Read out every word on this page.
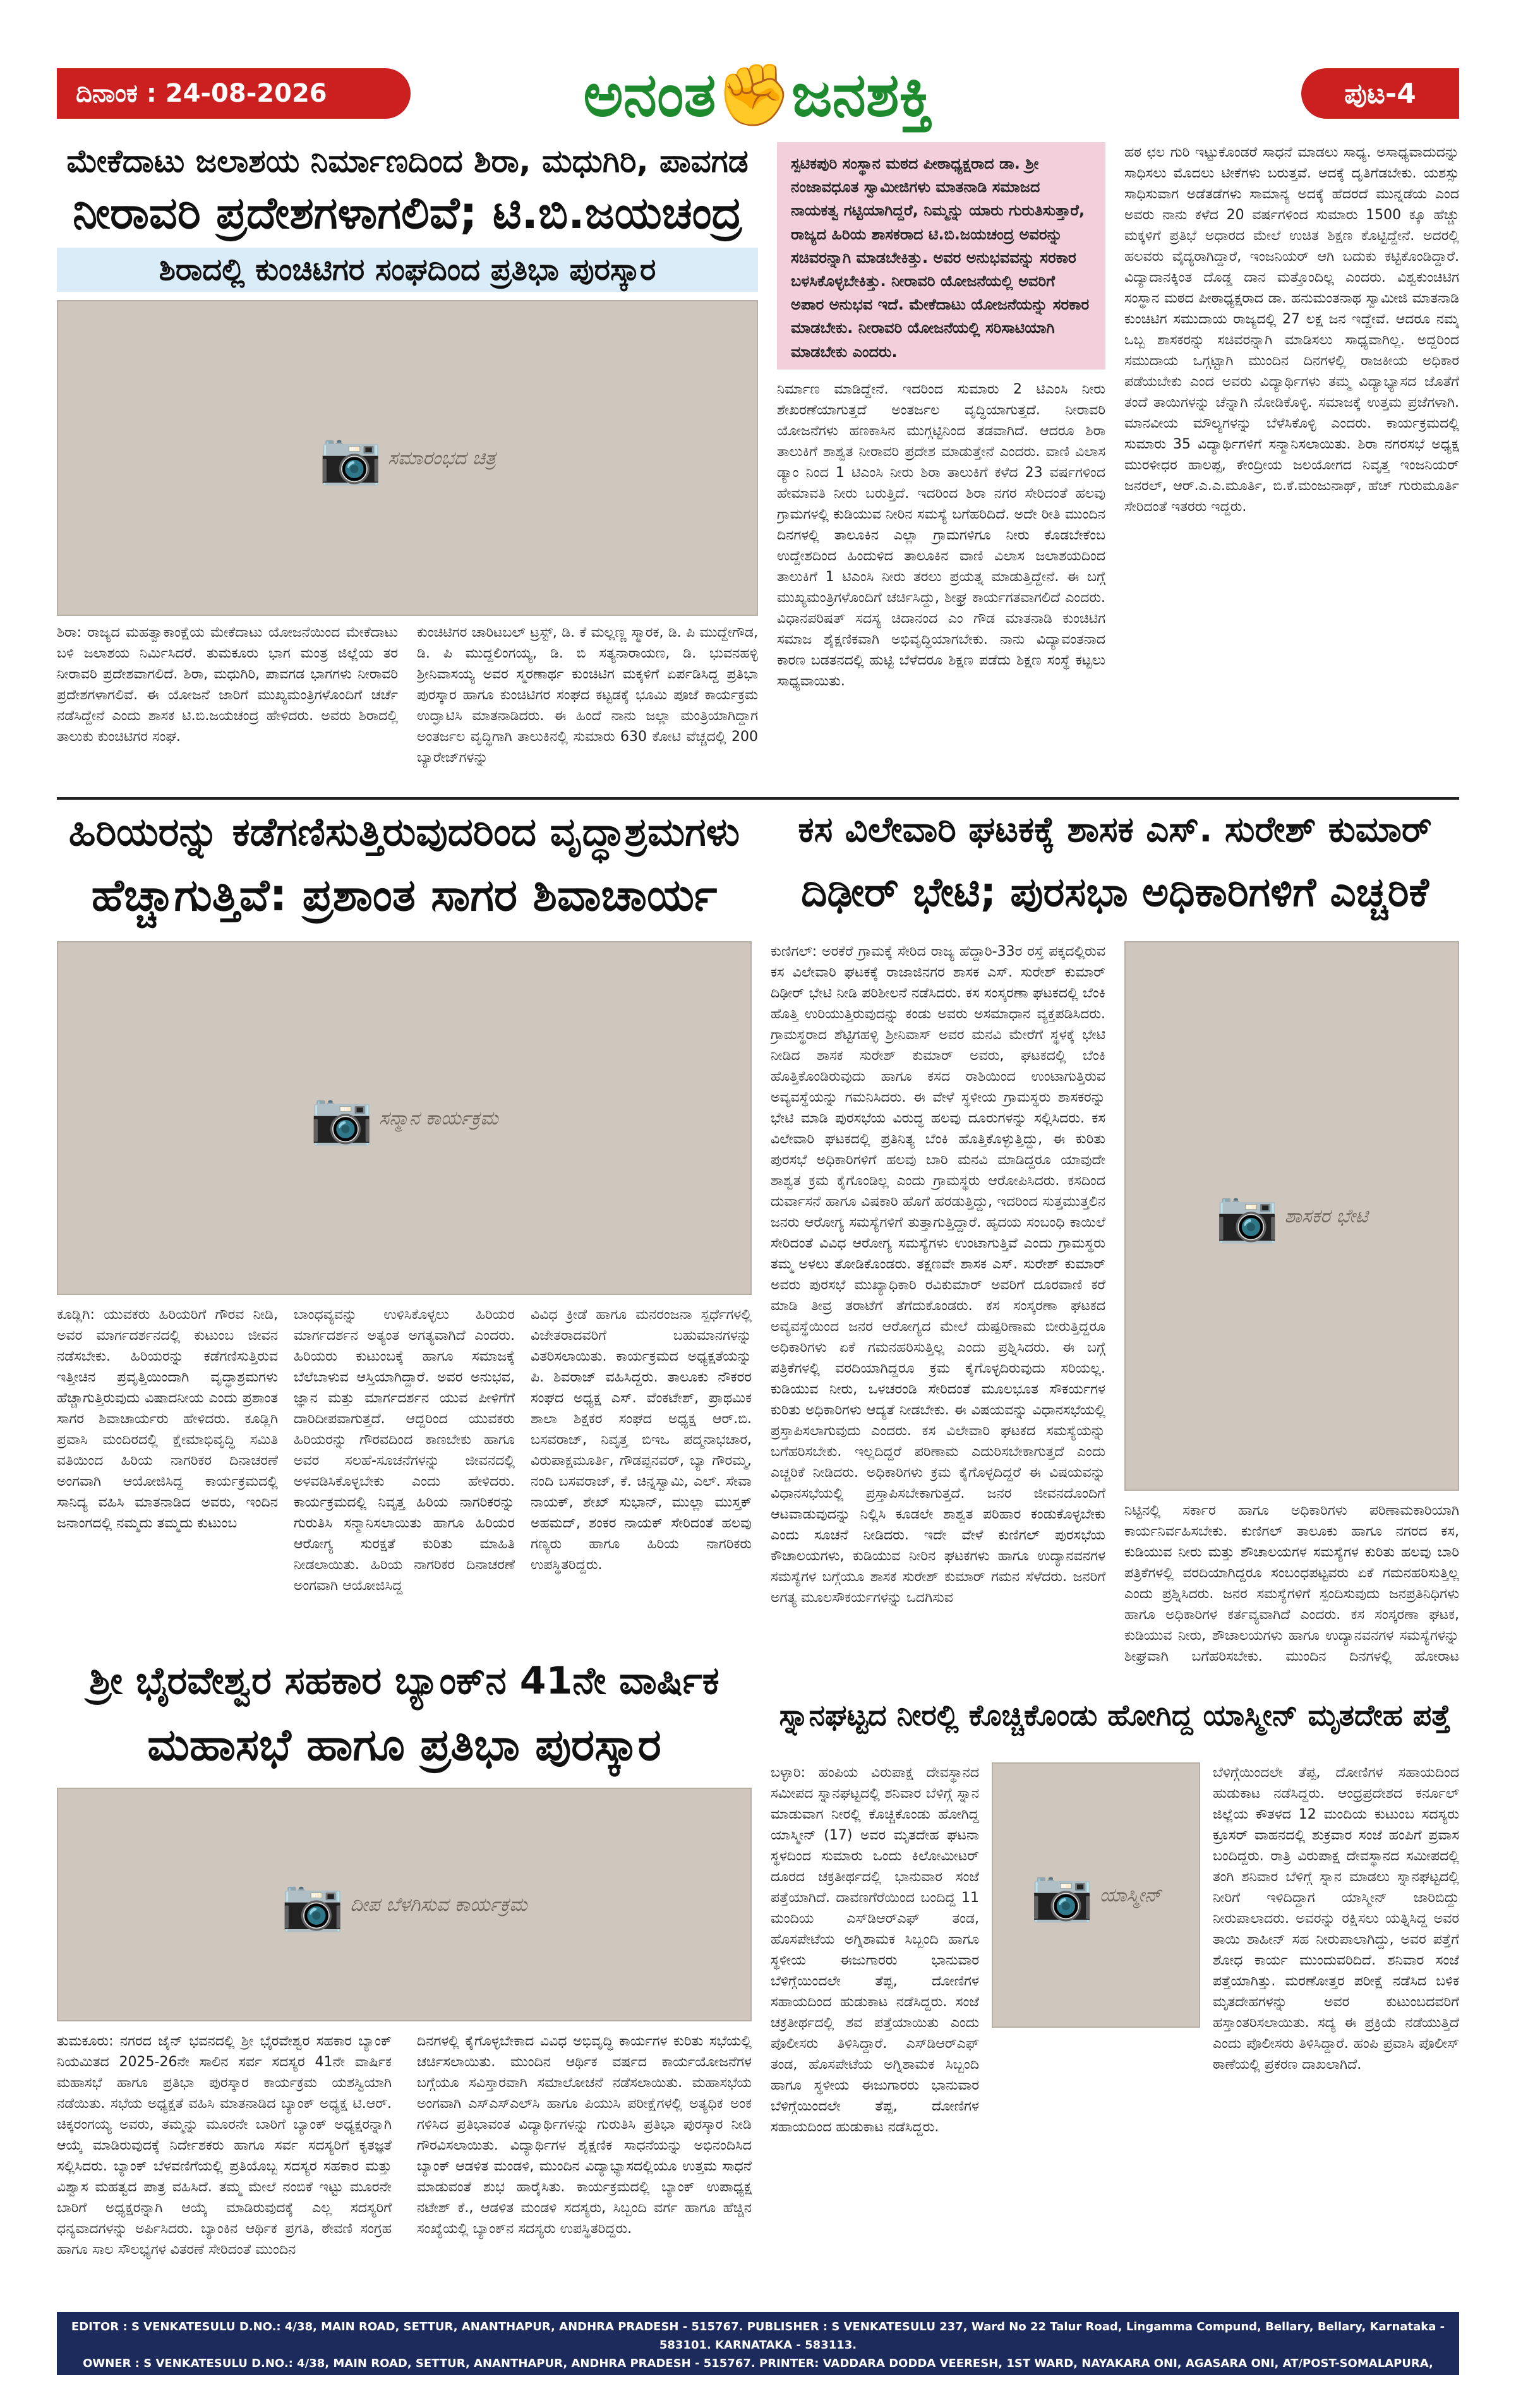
ದಿನಾಂಕ : 24-08-2026	ಅನಂತ✊ಜನಶಕ್ತಿ	ಪುಟ-4
ಮೇಕೆದಾಟು ಜಲಾಶಯ ನಿರ್ಮಾಣದಿಂದ ಶಿರಾ, ಮಧುಗಿರಿ, ಪಾವಗಡ
ನೀರಾವರಿ ಪ್ರದೇಶಗಳಾಗಲಿವೆ; ಟಿ.ಬಿ.ಜಯಚಂದ್ರ
ಶಿರಾದಲ್ಲಿ ಕುಂಚಿಟಿಗರ ಸಂಘದಿಂದ ಪ್ರತಿಭಾ ಪುರಸ್ಕಾರ
📷
ಸಮಾರಂಭದ ಚಿತ್ರ

ಶಿರಾ: ರಾಜ್ಯದ ಮಹತ್ವಾಕಾಂಕ್ಷೆಯ ಮೇಕೆದಾಟು ಯೋಜನೆಯಿಂದ ಮೇಕೆದಾಟು ಬಳಿ ಜಲಾಶಯ ನಿರ್ಮಿಸಿದರೆ. ತುಮಕೂರು ಭಾಗ ಮಂತ್ರ ಜಿಲ್ಲೆಯ ತರ ನೀರಾವರಿ ಪ್ರದೇಶವಾಗಲಿದೆ. ಶಿರಾ, ಮಧುಗಿರಿ, ಪಾವಗಡ ಭಾಗಗಳು ನೀರಾವರಿ ಪ್ರದೇಶಗಳಾಗಲಿವೆ. ಈ ಯೋಜನೆ ಜಾರಿಗೆ ಮುಖ್ಯಮಂತ್ರಿಗಳೊಂದಿಗೆ ಚರ್ಚೆ ನಡೆಸಿದ್ದೇನೆ ಎಂದು ಶಾಸಕ ಟಿ.ಬಿ.ಜಯಚಂದ್ರ ಹೇಳಿದರು. ಅವರು ಶಿರಾದಲ್ಲಿ ತಾಲುಕು ಕುಂಚಿಟಿಗರ ಸಂಘ.

ಕುಂಚಿಟಿಗರ ಚಾರಿಟಬಲ್ ಟ್ರಸ್ಟ್, ಡಿ. ಕೆ ಮಲ್ಲಣ್ಣ ಸ್ಮಾರಕ, ಡಿ. ಪಿ ಮುದ್ದೇಗೌಡ, ಡಿ. ಪಿ ಮುದ್ದಲಿಂಗಯ್ಯ, ಡಿ. ಬಿ ಸತ್ಯನಾರಾಯಣ, ಡಿ. ಭುವನಹಳ್ಳಿ ಶ್ರೀನಿವಾಸಯ್ಯ ಅವರ ಸ್ಮರಣಾರ್ಥ ಕುಂಚಿಟಿಗ ಮಕ್ಕಳಿಗೆ ಏರ್ಪಡಿಸಿದ್ದ ಪ್ರತಿಭಾ ಪುರಸ್ಕಾರ ಹಾಗೂ ಕುಂಚಿಟಿಗರ ಸಂಘದ ಕಟ್ಟಡಕ್ಕೆ ಭೂಮಿ ಪೂಜೆ ಕಾರ್ಯಕ್ರಮ ಉದ್ಘಾಟಿಸಿ ಮಾತನಾಡಿದರು. ಈ ಹಿಂದೆ ನಾನು ಜಲ್ಲಾ ಮಂತ್ರಿಯಾಗಿದ್ದಾಗ ಅಂತರ್ಜಲ ವೃದ್ಧಿಗಾಗಿ ತಾಲುಕಿನಲ್ಲಿ ಸುಮಾರು 630 ಕೋಟಿ ವೆಚ್ಚದಲ್ಲಿ 200 ಬ್ಯಾರೇಜ್‌ಗಳನ್ನು

ಸ್ಪಟಿಕಪುರಿ ಸಂಸ್ಥಾನ ಮಠದ ಪೀಠಾಧ್ಯಕ್ಷರಾದ ಡಾ. ಶ್ರೀ ನಂಜಾವಧೂತ ಸ್ವಾಮೀಜಿಗಳು ಮಾತನಾಡಿ ಸಮಾಜದ ನಾಯಕತ್ವ ಗಟ್ಟಿಯಾಗಿದ್ದರೆ, ನಿಮ್ಮನ್ನು ಯಾರು ಗುರುತಿಸುತ್ತಾರೆ, ರಾಜ್ಯದ ಹಿರಿಯ ಶಾಸಕರಾದ ಟಿ.ಬಿ.ಜಯಚಂದ್ರ ಅವರನ್ನು ಸಚಿವರನ್ನಾಗಿ ಮಾಡಬೇಕಿತ್ತು. ಅವರ ಅನುಭವವನ್ನು ಸರಕಾರ ಬಳಸಿಕೊಳ್ಳಬೇಕಿತ್ತು. ನೀರಾವರಿ ಯೋಜನೆಯಲ್ಲಿ ಅವರಿಗೆ ಅಪಾರ ಅನುಭವ ಇದೆ. ಮೇಕೆದಾಟು ಯೋಜನೆಯನ್ನು ಸರಕಾರ ಮಾಡಬೇಕು. ನೀರಾವರಿ ಯೋಜನೆಯಲ್ಲಿ ಸರಿಸಾಟಿಯಾಗಿ ಮಾಡಬೇಕು ಎಂದರು.

ನಿರ್ಮಾಣ ಮಾಡಿದ್ದೇನೆ. ಇದರಿಂದ ಸುಮಾರು 2 ಟಿಎಂಸಿ ನೀರು ಶೇಖರಣೆಯಾಗುತ್ತದೆ ಅಂತರ್ಜಲ ವೃದ್ಧಿಯಾಗುತ್ತದೆ. ನೀರಾವರಿ ಯೋಜನೆಗಳು ಹಣಕಾಸಿನ ಮುಗ್ಗಟ್ಟಿನಿಂದ ತಡವಾಗಿದೆ. ಆದರೂ ಶಿರಾ ತಾಲುಕಿಗೆ ಶಾಶ್ವತ ನೀರಾವರಿ ಪ್ರದೇಶ ಮಾಡುತ್ತೇನೆ ಎಂದರು. ವಾಣಿ ವಿಲಾಸ ಡ್ಯಾಂ ನಿಂದ 1 ಟಿಎಂಸಿ ನೀರು ಶಿರಾ ತಾಲುಕಿಗೆ ಕಳೆದ 23 ವರ್ಷಗಳಿಂದ ಹೇಮಾವತಿ ನೀರು ಬರುತ್ತಿದೆ. ಇದರಿಂದ ಶಿರಾ ನಗರ ಸೇರಿದಂತೆ ಹಲವು ಗ್ರಾಮಗಳಲ್ಲಿ ಕುಡಿಯುವ ನೀರಿನ ಸಮಸ್ಯೆ ಬಗೆಹರಿದಿದೆ. ಅದೇ ರೀತಿ ಮುಂದಿನ ದಿನಗಳಲ್ಲಿ ತಾಲೂಕಿನ ಎಲ್ಲಾ ಗ್ರಾಮಗಳಿಗೂ ನೀರು ಕೊಡಬೇಕೆಂಬ ಉದ್ದೇಶದಿಂದ ಹಿಂದುಳಿದ ತಾಲೂಕಿನ ವಾಣಿ ವಿಲಾಸ ಜಲಾಶಯದಿಂದ ತಾಲುಕಿಗೆ 1 ಟಿಎಂಸಿ ನೀರು ತರಲು ಪ್ರಯತ್ನ ಮಾಡುತ್ತಿದ್ದೇನೆ. ಈ ಬಗ್ಗೆ ಮುಖ್ಯಮಂತ್ರಿಗಳೊಂದಿಗೆ ಚರ್ಚಿಸಿದ್ದು, ಶೀಘ್ರ ಕಾರ್ಯಗತವಾಗಲಿದೆ ಎಂದರು. ವಿಧಾನಪರಿಷತ್ ಸದಸ್ಯ ಚಿದಾನಂದ ಎಂ ಗೌಡ ಮಾತನಾಡಿ ಕುಂಚಿಟಿಗ ಸಮಾಜ ಶೈಕ್ಷಣಿಕವಾಗಿ ಅಭಿವೃದ್ಧಿಯಾಗಬೇಕು. ನಾನು ವಿದ್ಯಾವಂತನಾದ ಕಾರಣ ಬಡತನದಲ್ಲಿ ಹುಟ್ಟಿ ಬೆಳೆದರೂ ಶಿಕ್ಷಣ ಪಡೆದು ಶಿಕ್ಷಣ ಸಂಸ್ಥೆ ಕಟ್ಟಲು ಸಾಧ್ಯವಾಯಿತು.

ಹಠ ಛಲ ಗುರಿ ಇಟ್ಟುಕೊಂಡರೆ ಸಾಧನೆ ಮಾಡಲು ಸಾಧ್ಯ. ಅಸಾಧ್ಯವಾದುದನ್ನು ಸಾಧಿಸಲು ಮೊದಲು ಟೀಕೆಗಳು ಬರುತ್ತವೆ. ಆದಕ್ಕೆ ದೃತಿಗೆಡಬೇಕು. ಯಶಸ್ಸು ಸಾಧಿಸುವಾಗ ಅಡೆತಡೆಗಳು ಸಾಮಾನ್ಯ ಅದಕ್ಕೆ ಹೆದರದೆ ಮುನ್ನಡೆಯ ಎಂದ ಅವರು ನಾನು ಕಳೆದ 20 ವರ್ಷಗಳಿಂದ ಸುಮಾರು 1500 ಕ್ಕೂ ಹೆಚ್ಚು ಮಕ್ಕಳಿಗೆ ಪ್ರತಿಭೆ ಅಧಾರದ ಮೇಲೆ ಉಚಿತ ಶಿಕ್ಷಣ ಕೊಟ್ಟಿದ್ದೇನೆ. ಅದರಲ್ಲಿ ಹಲವರು ವೈದ್ಯರಾಗಿದ್ದಾರೆ, ಇಂಜನಿಯರ್ ಆಗಿ ಬದುಕು ಕಟ್ಟಿಕೊಂಡಿದ್ದಾರೆ. ವಿದ್ಯಾದಾನಕ್ಕಿಂತ ದೊಡ್ಡ ದಾನ ಮತ್ತೊಂದಿಲ್ಲ ಎಂದರು. ವಿಶ್ವಕುಂಚಿಟಿಗ ಸಂಸ್ಥಾನ ಮಠದ ಪೀಠಾಧ್ಯಕ್ಷರಾದ ಡಾ. ಹನುಮಂತನಾಥ ಸ್ವಾಮೀಜಿ ಮಾತನಾಡಿ ಕುಂಚಿಟಿಗ ಸಮುದಾಯ ರಾಜ್ಯದಲ್ಲಿ 27 ಲಕ್ಷ ಜನ ಇದ್ದೇವೆ. ಆದರೂ ನಮ್ಮ ಒಬ್ಬ ಶಾಸಕರನ್ನು ಸಚಿವರನ್ನಾಗಿ ಮಾಡಿಸಲು ಸಾಧ್ಯವಾಗಿಲ್ಲ. ಅದ್ದರಿಂದ ಸಮುದಾಯ ಒಗ್ಗಟ್ಟಾಗಿ ಮುಂದಿನ ದಿನಗಳಲ್ಲಿ ರಾಜಕೀಯ ಅಧಿಕಾರ ಪಡೆಯಬೇಕು ಎಂದ ಅವರು ವಿದ್ಯಾರ್ಥಿಗಳು ತಮ್ಮ ವಿದ್ಯಾಭ್ಯಾಸದ ಜೊತೆಗೆ ತಂದೆ ತಾಯಿಗಳನ್ನು ಚೆನ್ನಾಗಿ ನೋಡಿಕೊಳ್ಳಿ. ಸಮಾಜಕ್ಕೆ ಉತ್ತಮ ಪ್ರಜೆಗಳಾಗಿ. ಮಾನವೀಯ ಮೌಲ್ಯಗಳನ್ನು ಬೆಳೆಸಿಕೊಳ್ಳಿ ಎಂದರು. ಕಾರ್ಯಕ್ರಮದಲ್ಲಿ ಸುಮಾರು 35 ವಿದ್ಯಾರ್ಥಿಗಳಿಗೆ ಸನ್ಮಾನಿಸಲಾಯಿತು. ಶಿರಾ ನಗರಸಭೆ ಅಧ್ಯಕ್ಷ ಮುರಳೀಧರ ಹಾಲಪ್ಪ, ಕೇಂದ್ರೀಯ ಜಲಯೋಗದ ನಿವೃತ್ತ ಇಂಜನಿಯರ್ ಜನರಲ್, ಆರ್.ಎ.ಎ.ಮೂರ್ತಿ, ಬಿ.ಕೆ.ಮಂಜುನಾಥ್, ಹೆಚ್ ಗುರುಮೂರ್ತಿ ಸೇರಿದಂತೆ ಇತರರು ಇದ್ದರು.

ಹಿರಿಯರನ್ನು ಕಡೆಗಣಿಸುತ್ತಿರುವುದರಿಂದ ವೃದ್ಧಾಶ್ರಮಗಳು
ಹೆಚ್ಚಾಗುತ್ತಿವೆ: ಪ್ರಶಾಂತ ಸಾಗರ ಶಿವಾಚಾರ್ಯ
📷
ಸನ್ಮಾನ ಕಾರ್ಯಕ್ರಮ

ಕೂಡ್ಲಿಗಿ: ಯುವಕರು ಹಿರಿಯರಿಗೆ ಗೌರವ ನೀಡಿ, ಅವರ ಮಾರ್ಗದರ್ಶನದಲ್ಲಿ ಕುಟುಂಬ ಜೀವನ ನಡೆಸಬೇಕು. ಹಿರಿಯರನ್ನು ಕಡೆಗಣಿಸುತ್ತಿರುವ ಇತ್ತೀಚಿನ ಪ್ರವೃತ್ತಿಯಿಂದಾಗಿ ವೃದ್ಧಾಶ್ರಮಗಳು ಹೆಚ್ಚಾಗುತ್ತಿರುವುದು ವಿಷಾದನೀಯ ಎಂದು ಪ್ರಶಾಂತ ಸಾಗರ ಶಿವಾಚಾರ್ಯರು ಹೇಳಿದರು. ಕೂಡ್ಲಿಗಿ ಪ್ರವಾಸಿ ಮಂದಿರದಲ್ಲಿ ಕ್ಷೇಮಾಭಿವೃದ್ಧಿ ಸಮಿತಿ ವತಿಯಿಂದ ಹಿರಿಯ ನಾಗರಿಕರ ದಿನಾಚರಣೆ ಅಂಗವಾಗಿ ಆಯೋಜಿಸಿದ್ದ ಕಾರ್ಯಕ್ರಮದಲ್ಲಿ ಸಾನಿದ್ಯ ವಹಿಸಿ ಮಾತನಾಡಿದ ಅವರು, ಇಂದಿನ ಜನಾಂಗದಲ್ಲಿ ನಮ್ಮದು ತಮ್ಮದು ಕುಟುಂಬ

ಬಾಂಧವ್ಯವನ್ನು ಉಳಿಸಿಕೊಳ್ಳಲು ಹಿರಿಯರ ಮಾರ್ಗದರ್ಶನ ಅತ್ಯಂತ ಅಗತ್ಯವಾಗಿದೆ ಎಂದರು. ಹಿರಿಯರು ಕುಟುಂಬಕ್ಕೆ ಹಾಗೂ ಸಮಾಜಕ್ಕೆ ಬೆಲೆಬಾಳುವ ಆಸ್ತಿಯಾಗಿದ್ದಾರೆ. ಅವರ ಅನುಭವ, ಜ್ಞಾನ ಮತ್ತು ಮಾರ್ಗದರ್ಶನ ಯುವ ಪೀಳಿಗೆಗೆ ದಾರಿದೀಪವಾಗುತ್ತದೆ. ಆದ್ದರಿಂದ ಯುವಕರು ಹಿರಿಯರನ್ನು ಗೌರವದಿಂದ ಕಾಣಬೇಕು ಹಾಗೂ ಅವರ ಸಲಹೆ-ಸೂಚನೆಗಳನ್ನು ಜೀವನದಲ್ಲಿ ಅಳವಡಿಸಿಕೊಳ್ಳಬೇಕು ಎಂದು ಹೇಳಿದರು. ಕಾರ್ಯಕ್ರಮದಲ್ಲಿ ನಿವೃತ್ತ ಹಿರಿಯ ನಾಗರಿಕರನ್ನು ಗುರುತಿಸಿ ಸನ್ಮಾನಿಸಲಾಯಿತು ಹಾಗೂ ಹಿರಿಯರ ಆರೋಗ್ಯ ಸುರಕ್ಷತೆ ಕುರಿತು ಮಾಹಿತಿ ನೀಡಲಾಯಿತು. ಹಿರಿಯ ನಾಗರಿಕರ ದಿನಾಚರಣೆ ಅಂಗವಾಗಿ ಆಯೋಜಿಸಿದ್ದ

ವಿವಿಧ ಕ್ರೀಡೆ ಹಾಗೂ ಮನರಂಜನಾ ಸ್ಪರ್ಧೆಗಳಲ್ಲಿ ವಿಜೇತರಾದವರಿಗೆ ಬಹುಮಾನಗಳನ್ನು ವಿತರಿಸಲಾಯಿತು. ಕಾರ್ಯಕ್ರಮದ ಅಧ್ಯಕ್ಷತೆಯನ್ನು ಪಿ. ಶಿವರಾಜ್ ವಹಿಸಿದ್ದರು. ತಾಲೂಕು ನೌಕರರ ಸಂಘದ ಅಧ್ಯಕ್ಷ ಎಸ್. ವೆಂಕಟೇಶ್, ಪ್ರಾಥಮಿಕ ಶಾಲಾ ಶಿಕ್ಷಕರ ಸಂಘದ ಅಧ್ಯಕ್ಷ ಆರ್.ಬಿ. ಬಸವರಾಜ್, ನಿವೃತ್ತ ಬಿಇಒ ಪದ್ಮನಾಭಚಾರ, ವಿರುಪಾಕ್ಷಮೂರ್ತಿ, ಗೌಡಪ್ಪನವರ್, ಬ್ಯಾ ಗೌರಮ್ಮ, ನಂದಿ ಬಸವರಾಜ್, ಕೆ. ಚಿನ್ನಸ್ವಾಮಿ, ಎಲ್. ಸೇವಾ ನಾಯಕ್, ಶೇಖ್ ಸುಭಾನ್, ಮುಲ್ಲಾ ಮುಸ್ತಕ್ ಅಹಮದ್, ಶಂಕರ ನಾಯಕ್ ಸೇರಿದಂತೆ ಹಲವು ಗಣ್ಯರು ಹಾಗೂ ಹಿರಿಯ ನಾಗರಿಕರು ಉಪಸ್ಥಿತರಿದ್ದರು.

ಕಸ ವಿಲೇವಾರಿ ಘಟಕಕ್ಕೆ ಶಾಸಕ ಎಸ್. ಸುರೇಶ್ ಕುಮಾರ್
ದಿಢೀರ್ ಭೇಟಿ; ಪುರಸಭಾ ಅಧಿಕಾರಿಗಳಿಗೆ ಎಚ್ಚರಿಕೆ

ಕುಣಿಗಲ್: ಅರಕೆರೆ ಗ್ರಾಮಕ್ಕೆ ಸೇರಿದ ರಾಜ್ಯ ಹೆದ್ದಾರಿ-33ರ ರಸ್ತೆ ಪಕ್ಕದಲ್ಲಿರುವ ಕಸ ವಿಲೇವಾರಿ ಘಟಕಕ್ಕೆ ರಾಜಾಜಿನಗರ ಶಾಸಕ ಎಸ್. ಸುರೇಶ್ ಕುಮಾರ್ ದಿಢೀರ್ ಭೇಟಿ ನೀಡಿ ಪರಿಶೀಲನೆ ನಡೆಸಿದರು. ಕಸ ಸಂಸ್ಕರಣಾ ಘಟಕದಲ್ಲಿ ಬೆಂಕಿ ಹೊತ್ತಿ ಉರಿಯುತ್ತಿರುವುದನ್ನು ಕಂಡು ಅವರು ಅಸಮಾಧಾನ ವ್ಯಕ್ತಪಡಿಸಿದರು. ಗ್ರಾಮಸ್ಥರಾದ ಶೆಟ್ಟಿಗಹಳ್ಳಿ ಶ್ರೀನಿವಾಸ್ ಅವರ ಮನವಿ ಮೇರೆಗೆ ಸ್ಥಳಕ್ಕೆ ಭೇಟಿ ನೀಡಿದ ಶಾಸಕ ಸುರೇಶ್ ಕುಮಾರ್ ಅವರು, ಘಟಕದಲ್ಲಿ ಬೆಂಕಿ ಹೊತ್ತಿಕೊಂಡಿರುವುದು ಹಾಗೂ ಕಸದ ರಾಶಿಯಿಂದ ಉಂಟಾಗುತ್ತಿರುವ ಅವ್ಯವಸ್ಥೆಯನ್ನು ಗಮನಿಸಿದರು. ಈ ವೇಳೆ ಸ್ಥಳೀಯ ಗ್ರಾಮಸ್ಥರು ಶಾಸಕರನ್ನು ಭೇಟಿ ಮಾಡಿ ಪುರಸಭೆಯ ವಿರುದ್ಧ ಹಲವು ದೂರುಗಳನ್ನು ಸಲ್ಲಿಸಿದರು. ಕಸ ವಿಲೇವಾರಿ ಘಟಕದಲ್ಲಿ ಪ್ರತಿನಿತ್ಯ ಬೆಂಕಿ ಹೊತ್ತಿಕೊಳ್ಳುತ್ತಿದ್ದು, ಈ ಕುರಿತು ಪುರಸಭೆ ಅಧಿಕಾರಿಗಳಿಗೆ ಹಲವು ಬಾರಿ ಮನವಿ ಮಾಡಿದ್ದರೂ ಯಾವುದೇ ಶಾಶ್ವತ ಕ್ರಮ ಕೈಗೊಂಡಿಲ್ಲ ಎಂದು ಗ್ರಾಮಸ್ಥರು ಆರೋಪಿಸಿದರು. ಕಸದಿಂದ ದುರ್ವಾಸನೆ ಹಾಗೂ ವಿಷಕಾರಿ ಹೊಗೆ ಹರಡುತ್ತಿದ್ದು, ಇದರಿಂದ ಸುತ್ತಮುತ್ತಲಿನ ಜನರು ಆರೋಗ್ಯ ಸಮಸ್ಯೆಗಳಿಗೆ ತುತ್ತಾಗುತ್ತಿದ್ದಾರೆ. ಹೃದಯ ಸಂಬಂಧಿ ಕಾಯಿಲೆ ಸೇರಿದಂತೆ ವಿವಿಧ ಆರೋಗ್ಯ ಸಮಸ್ಯೆಗಳು ಉಂಟಾಗುತ್ತಿವೆ ಎಂದು ಗ್ರಾಮಸ್ಥರು ತಮ್ಮ ಅಳಲು ತೋಡಿಕೊಂಡರು. ತಕ್ಷಣವೇ ಶಾಸಕ ಎಸ್. ಸುರೇಶ್ ಕುಮಾರ್ ಅವರು ಪುರಸಭೆ ಮುಖ್ಯಾಧಿಕಾರಿ ರವಿಕುಮಾರ್ ಅವರಿಗೆ ದೂರವಾಣಿ ಕರೆ ಮಾಡಿ ತೀವ್ರ ತರಾಟೆಗೆ ತೆಗೆದುಕೊಂಡರು. ಕಸ ಸಂಸ್ಕರಣಾ ಘಟಕದ ಅವ್ಯವಸ್ಥೆಯಿಂದ ಜನರ ಆರೋಗ್ಯದ ಮೇಲೆ ದುಷ್ಪರಿಣಾಮ ಬೀರುತ್ತಿದ್ದರೂ ಅಧಿಕಾರಿಗಳು ಏಕೆ ಗಮನಹರಿಸುತ್ತಿಲ್ಲ ಎಂದು ಪ್ರಶ್ನಿಸಿದರು. ಈ ಬಗ್ಗೆ ಪತ್ರಿಕೆಗಳಲ್ಲಿ ವರದಿಯಾಗಿದ್ದರೂ ಕ್ರಮ ಕೈಗೊಳ್ಳದಿರುವುದು ಸರಿಯಲ್ಲ. ಕುಡಿಯುವ ನೀರು, ಒಳಚರಂಡಿ ಸೇರಿದಂತೆ ಮೂಲಭೂತ ಸೌಕರ್ಯಗಳ ಕುರಿತು ಅಧಿಕಾರಿಗಳು ಆದ್ಯತೆ ನೀಡಬೇಕು. ಈ ವಿಷಯವನ್ನು ವಿಧಾನಸಭೆಯಲ್ಲಿ ಪ್ರಸ್ತಾಪಿಸಲಾಗುವುದು ಎಂದರು. ಕಸ ವಿಲೇವಾರಿ ಘಟಕದ ಸಮಸ್ಯೆಯನ್ನು ಬಗೆಹರಿಸಬೇಕು. ಇಲ್ಲದಿದ್ದರೆ ಪರಿಣಾಮ ಎದುರಿಸಬೇಕಾಗುತ್ತದೆ ಎಂದು ಎಚ್ಚರಿಕೆ ನೀಡಿದರು. ಅಧಿಕಾರಿಗಳು ಕ್ರಮ ಕೈಗೊಳ್ಳದಿದ್ದರೆ ಈ ವಿಷಯವನ್ನು ವಿಧಾನಸಭೆಯಲ್ಲಿ ಪ್ರಸ್ತಾಪಿಸಬೇಕಾಗುತ್ತದೆ. ಜನರ ಜೀವನದೊಂದಿಗೆ ಆಟವಾಡುವುದನ್ನು ನಿಲ್ಲಿಸಿ ಕೂಡಲೇ ಶಾಶ್ವತ ಪರಿಹಾರ ಕಂಡುಕೊಳ್ಳಬೇಕು ಎಂದು ಸೂಚನೆ ನೀಡಿದರು. ಇದೇ ವೇಳೆ ಕುಣಿಗಲ್ ಪುರಸಭೆಯ ಕೌಚಾಲಯಗಳು, ಕುಡಿಯುವ ನೀರಿನ ಘಟಕಗಳು ಹಾಗೂ ಉದ್ಯಾನವನಗಳ ಸಮಸ್ಯೆಗಳ ಬಗ್ಗೆಯೂ ಶಾಸಕ ಸುರೇಶ್ ಕುಮಾರ್ ಗಮನ ಸೆಳೆದರು. ಜನರಿಗೆ ಅಗತ್ಯ ಮೂಲಸೌಕರ್ಯಗಳನ್ನು ಒದಗಿಸುವ

📷
ಶಾಸಕರ ಭೇಟಿ

ನಿಟ್ಟಿನಲ್ಲಿ ಸರ್ಕಾರ ಹಾಗೂ ಅಧಿಕಾರಿಗಳು ಪರಿಣಾಮಕಾರಿಯಾಗಿ ಕಾರ್ಯನಿರ್ವಹಿಸಬೇಕು. ಕುಣಿಗಲ್ ತಾಲೂಕು ಹಾಗೂ ನಗರದ ಕಸ, ಕುಡಿಯುವ ನೀರು ಮತ್ತು ಶೌಚಾಲಯಗಳ ಸಮಸ್ಯೆಗಳ ಕುರಿತು ಹಲವು ಬಾರಿ ಪತ್ರಿಕೆಗಳಲ್ಲಿ ವರದಿಯಾಗಿದ್ದರೂ ಸಂಬಂಧಪಟ್ಟವರು ಏಕೆ ಗಮನಹರಿಸುತ್ತಿಲ್ಲ ಎಂದು ಪ್ರಶ್ನಿಸಿದರು. ಜನರ ಸಮಸ್ಯೆಗಳಿಗೆ ಸ್ಪಂದಿಸುವುದು ಜನಪ್ರತಿನಿಧಿಗಳು ಹಾಗೂ ಅಧಿಕಾರಿಗಳ ಕರ್ತವ್ಯವಾಗಿದೆ ಎಂದರು. ಕಸ ಸಂಸ್ಕರಣಾ ಘಟಕ, ಕುಡಿಯುವ ನೀರು, ಶೌಚಾಲಯಗಳು ಹಾಗೂ ಉದ್ಯಾನವನಗಳ ಸಮಸ್ಯೆಗಳನ್ನು ಶೀಘ್ರವಾಗಿ ಬಗೆಹರಿಸಬೇಕು. ಮುಂದಿನ ದಿನಗಳಲ್ಲಿ ಹೋರಾಟ

ಶ್ರೀ ಭೈರವೇಶ್ವರ ಸಹಕಾರ ಬ್ಯಾಂಕ್‌ನ 41ನೇ ವಾರ್ಷಿಕ
ಮಹಾಸಭೆ ಹಾಗೂ ಪ್ರತಿಭಾ ಪುರಸ್ಕಾರ
📷
ದೀಪ ಬೆಳಗಿಸುವ ಕಾರ್ಯಕ್ರಮ

ತುಮಕೂರು: ನಗರದ ಜೈನ್ ಭವನದಲ್ಲಿ ಶ್ರೀ ಭೈರವೇಶ್ವರ ಸಹಕಾರ ಬ್ಯಾಂಕ್ ನಿಯಮಿತದ 2025-26ನೇ ಸಾಲಿನ ಸರ್ವ ಸದಸ್ಯರ 41ನೇ ವಾರ್ಷಿಕ ಮಹಾಸಭೆ ಹಾಗೂ ಪ್ರತಿಭಾ ಪುರಸ್ಕಾರ ಕಾರ್ಯಕ್ರಮ ಯಶಸ್ವಿಯಾಗಿ ನಡೆಯಿತು. ಸಭೆಯ ಅಧ್ಯಕ್ಷತೆ ವಹಿಸಿ ಮಾತನಾಡಿದ ಬ್ಯಾಂಕ್ ಅಧ್ಯಕ್ಷ ಟಿ.ಆರ್. ಚಿಕ್ಕರಂಗಯ್ಯ ಅವರು, ತಮ್ಮನ್ನು ಮೂರನೇ ಬಾರಿಗೆ ಬ್ಯಾಂಕ್ ಅಧ್ಯಕ್ಷರನ್ನಾಗಿ ಆಯ್ಕೆ ಮಾಡಿರುವುದಕ್ಕೆ ನಿರ್ದೇಶಕರು ಹಾಗೂ ಸರ್ವ ಸದಸ್ಯರಿಗೆ ಕೃತಜ್ಞತೆ ಸಲ್ಲಿಸಿದರು. ಬ್ಯಾಂಕ್ ಬೆಳವಣಿಗೆಯಲ್ಲಿ ಪ್ರತಿಯೊಬ್ಬ ಸದಸ್ಯರ ಸಹಕಾರ ಮತ್ತು ವಿಶ್ವಾಸ ಮಹತ್ವದ ಪಾತ್ರ ವಹಿಸಿದೆ. ತಮ್ಮ ಮೇಲೆ ನಂಬಿಕೆ ಇಟ್ಟು ಮೂರನೇ ಬಾರಿಗೆ ಅಧ್ಯಕ್ಷರನ್ನಾಗಿ ಆಯ್ಕೆ ಮಾಡಿರುವುದಕ್ಕೆ ಎಲ್ಲ ಸದಸ್ಯರಿಗೆ ಧನ್ಯವಾದಗಳನ್ನು ಅರ್ಪಿಸಿದರು. ಬ್ಯಾಂಕಿನ ಆರ್ಥಿಕ ಪ್ರಗತಿ, ಠೇವಣಿ ಸಂಗ್ರಹ ಹಾಗೂ ಸಾಲ ಸೌಲಭ್ಯಗಳ ವಿತರಣೆ ಸೇರಿದಂತೆ ಮುಂದಿನ

ದಿನಗಳಲ್ಲಿ ಕೈಗೊಳ್ಳಬೇಕಾದ ವಿವಿಧ ಅಭಿವೃದ್ಧಿ ಕಾರ್ಯಗಳ ಕುರಿತು ಸಭೆಯಲ್ಲಿ ಚರ್ಚಿಸಲಾಯಿತು. ಮುಂದಿನ ಆರ್ಥಿಕ ವರ್ಷದ ಕಾರ್ಯಯೋಜನೆಗಳ ಬಗ್ಗೆಯೂ ಸವಿಸ್ತಾರವಾಗಿ ಸಮಾಲೋಚನೆ ನಡೆಸಲಾಯಿತು. ಮಹಾಸಭೆಯ ಅಂಗವಾಗಿ ಎಸ್‌ಎಸ್‌ಎಲ್‌ಸಿ ಹಾಗೂ ಪಿಯುಸಿ ಪರೀಕ್ಷೆಗಳಲ್ಲಿ ಅತ್ಯಧಿಕ ಅಂಕ ಗಳಿಸಿದ ಪ್ರತಿಭಾವಂತ ವಿದ್ಯಾರ್ಥಿಗಳನ್ನು ಗುರುತಿಸಿ ಪ್ರತಿಭಾ ಪುರಸ್ಕಾರ ನೀಡಿ ಗೌರವಿಸಲಾಯಿತು. ವಿದ್ಯಾರ್ಥಿಗಳ ಶೈಕ್ಷಣಿಕ ಸಾಧನೆಯನ್ನು ಅಭಿನಂದಿಸಿದ ಬ್ಯಾಂಕ್ ಆಡಳಿತ ಮಂಡಳಿ, ಮುಂದಿನ ವಿದ್ಯಾಭ್ಯಾಸದಲ್ಲಿಯೂ ಉತ್ತಮ ಸಾಧನೆ ಮಾಡುವಂತೆ ಶುಭ ಹಾರೈಸಿತು. ಕಾರ್ಯಕ್ರಮದಲ್ಲಿ ಬ್ಯಾಂಕ್ ಉಪಾಧ್ಯಕ್ಷ ನಟೇಶ್ ಕೆ., ಆಡಳಿತ ಮಂಡಳಿ ಸದಸ್ಯರು, ಸಿಬ್ಬಂದಿ ವರ್ಗ ಹಾಗೂ ಹೆಚ್ಚಿನ ಸಂಖ್ಯೆಯಲ್ಲಿ ಬ್ಯಾಂಕ್‌ನ ಸದಸ್ಯರು ಉಪಸ್ಥಿತರಿದ್ದರು.

ಸ್ನಾನಘಟ್ಟದ ನೀರಲ್ಲಿ ಕೊಚ್ಚಿಕೊಂಡು ಹೋಗಿದ್ದ ಯಾಸ್ಮೀನ್ ಮೃತದೇಹ ಪತ್ತೆ

ಬಳ್ಳಾರಿ: ಹಂಪಿಯ ವಿರುಪಾಕ್ಷ ದೇವಸ್ಥಾನದ ಸಮೀಪದ ಸ್ನಾನಘಟ್ಟದಲ್ಲಿ ಶನಿವಾರ ಬೆಳಿಗ್ಗೆ ಸ್ನಾನ ಮಾಡುವಾಗ ನೀರಲ್ಲಿ ಕೊಚ್ಚಿಕೊಂಡು ಹೋಗಿದ್ದ ಯಾಸ್ಮೀನ್ (17) ಅವರ ಮೃತದೇಹ ಘಟನಾ ಸ್ಥಳದಿಂದ ಸುಮಾರು ಒಂದು ಕಿಲೋಮೀಟರ್ ದೂರದ ಚಕ್ರತೀರ್ಥದಲ್ಲಿ ಭಾನುವಾರ ಸಂಜೆ ಪತ್ತೆಯಾಗಿದೆ. ದಾವಣಗೆರೆಯಿಂದ ಬಂದಿದ್ದ 11 ಮಂದಿಯ ಎಸ್‌ಡಿಆರ್‌ಎಫ್ ತಂಡ, ಹೊಸಪೇಟೆಯ ಅಗ್ನಿಶಾಮಕ ಸಿಬ್ಬಂದಿ ಹಾಗೂ ಸ್ಥಳೀಯ ಈಜುಗಾರರು ಭಾನುವಾರ ಬೆಳಿಗ್ಗೆಯಿಂದಲೇ ತೆಪ್ಪ, ದೋಣಿಗಳ ಸಹಾಯದಿಂದ ಹುಡುಕಾಟ ನಡೆಸಿದ್ದರು. ಸಂಜೆ ಚಕ್ರತೀರ್ಥದಲ್ಲಿ ಶವ ಪತ್ತೆಯಾಯಿತು ಎಂದು ಪೊಲೀಸರು ತಿಳಿಸಿದ್ದಾರೆ. ಎಸ್‌ಡಿಆರ್‌ಎಫ್ ತಂಡ, ಹೊಸಪೇಟೆಯ ಅಗ್ನಿಶಾಮಕ ಸಿಬ್ಬಂದಿ ಹಾಗೂ ಸ್ಥಳೀಯ ಈಜುಗಾರರು ಭಾನುವಾರ ಬೆಳಿಗ್ಗೆಯಿಂದಲೇ ತೆಪ್ಪ, ದೋಣಿಗಳ ಸಹಾಯದಿಂದ ಹುಡುಕಾಟ ನಡೆಸಿದ್ದರು.

📷
ಯಾಸ್ಮೀನ್

ಬೆಳಿಗ್ಗೆಯಿಂದಲೇ ತೆಪ್ಪ, ದೋಣಿಗಳ ಸಹಾಯದಿಂದ ಹುಡುಕಾಟ ನಡೆಸಿದ್ದರು. ಆಂಧ್ರಪ್ರದೇಶದ ಕರ್ನೂಲ್ ಜಿಲ್ಲೆಯ ಕೌತಳದ 12 ಮಂದಿಯ ಕುಟುಂಬ ಸದಸ್ಯರು ಕ್ರೂಸರ್ ವಾಹನದಲ್ಲಿ ಶುಕ್ರವಾರ ಸಂಜೆ ಹಂಪಿಗೆ ಪ್ರವಾಸ ಬಂದಿದ್ದರು. ರಾತ್ರಿ ವಿರುಪಾಕ್ಷ ದೇವಸ್ಥಾನದ ಸಮೀಪದಲ್ಲಿ ತಂಗಿ ಶನಿವಾರ ಬೆಳಿಗ್ಗೆ ಸ್ನಾನ ಮಾಡಲು ಸ್ನಾನಘಟ್ಟದಲ್ಲಿ ನೀರಿಗೆ ಇಳಿದಿದ್ದಾಗ ಯಾಸ್ಮೀನ್ ಜಾರಿಬಿದ್ದು ನೀರುಪಾಲಾದರು. ಅವರನ್ನು ರಕ್ಷಿಸಲು ಯತ್ನಿಸಿದ್ದ ಅವರ ತಾಯಿ ಶಾಹೀನ್ ಸಹ ನೀರುಪಾಲಾಗಿದ್ದು, ಅವರ ಪತ್ತೆಗೆ ಶೋಧ ಕಾರ್ಯ ಮುಂದುವರಿದಿದೆ. ಶನಿವಾರ ಸಂಜೆ ಪತ್ತೆಯಾಗಿತ್ತು. ಮರಣೋತ್ತರ ಪರೀಕ್ಷೆ ನಡೆಸಿದ ಬಳಿಕ ಮೃತದೇಹಗಳನ್ನು ಅವರ ಕುಟುಂಬದವರಿಗೆ ಹಸ್ತಾಂತರಿಸಲಾಯಿತು. ಸದ್ಯ ಈ ಪ್ರಕ್ರಿಯೆ ನಡೆಯುತ್ತಿದೆ ಎಂದು ಪೊಲೀಸರು ತಿಳಿಸಿದ್ದಾರೆ. ಹಂಪಿ ಪ್ರವಾಸಿ ಪೊಲೀಸ್ ಠಾಣೆಯಲ್ಲಿ ಪ್ರಕರಣ ದಾಖಲಾಗಿದೆ.

EDITOR : S VENKATESULU D.NO.: 4/38, MAIN ROAD, SETTUR, ANANTHAPUR, ANDHRA PRADESH - 515767. PUBLISHER : S VENKATESULU 237, Ward No 22 Talur Road, Lingamma Compund, Bellary, Bellary, Karnataka - 583101. KARNATAKA - 583113.
OWNER : S VENKATESULU D.NO.: 4/38, MAIN ROAD, SETTUR, ANANTHAPUR, ANDHRA PRADESH - 515767. PRINTER: VADDARA DODDA VEERESH, 1ST WARD, NAYAKARA ONI, AGASARA ONI, AT/POST-SOMALAPURA, BELLARY, KARNATAKA - 583101.
